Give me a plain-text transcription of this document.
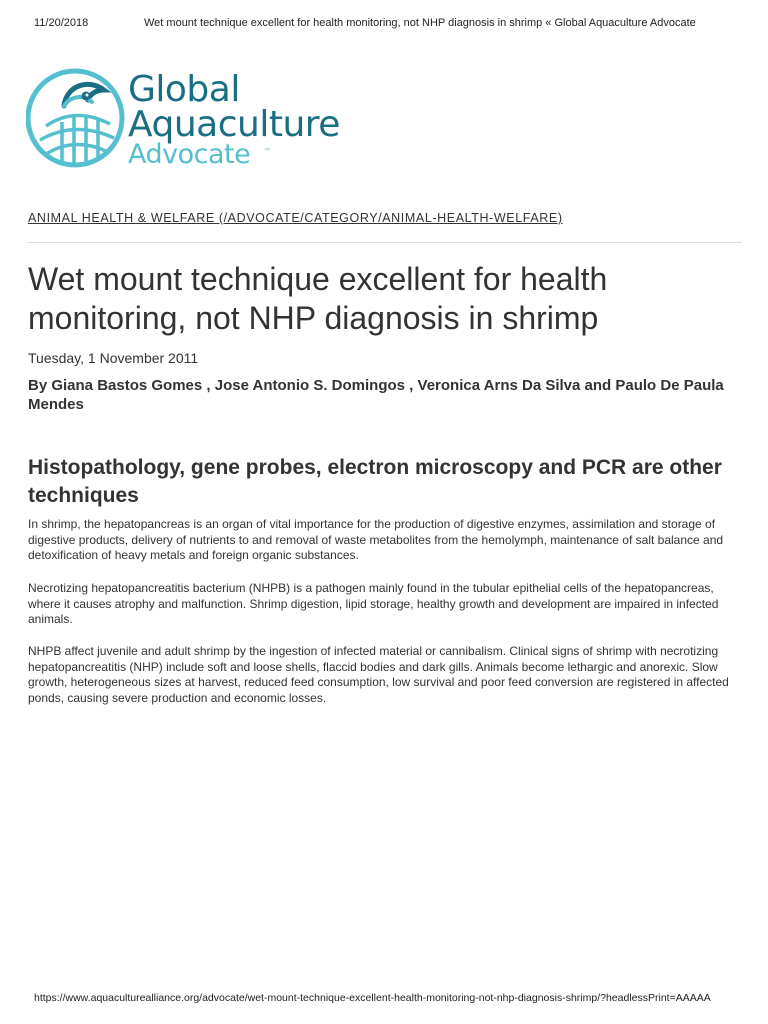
11/20/2018	Wet mount technique excellent for health monitoring, not NHP diagnosis in shrimp « Global Aquaculture Advocate
Global
Aquaculture
Advocate ™
ANIMAL HEALTH & WELFARE (/ADVOCATE/CATEGORY/ANIMAL-HEALTH-WELFARE)
Wet mount technique excellent for health monitoring, not NHP diagnosis in shrimp
Tuesday, 1 November 2011
By Giana Bastos Gomes , Jose Antonio S. Domingos , Veronica Arns Da Silva and Paulo De Paula Mendes
Histopathology, gene probes, electron microscopy and PCR are other techniques

In shrimp, the hepatopancreas is an organ of vital importance for the production of digestive enzymes, assimilation and storage of digestive products, delivery of nutrients to and removal of waste metabolites from the hemolymph, maintenance of salt balance and detoxification of heavy metals and foreign organic substances.

Necrotizing hepatopancreatitis bacterium (NHPB) is a pathogen mainly found in the tubular epithelial cells of the hepatopancreas, where it causes atrophy and malfunction. Shrimp digestion, lipid storage, healthy growth and development are impaired in infected animals.

NHPB affect juvenile and adult shrimp by the ingestion of infected material or cannibalism. Clinical signs of shrimp with necrotizing hepatopancreatitis (NHP) include soft and loose shells, flaccid bodies and dark gills. Animals become lethargic and anorexic. Slow growth, heterogeneous sizes at harvest, reduced feed consumption, low survival and poor feed conversion are registered in affected ponds, causing severe production and economic losses.

https://www.aquaculturealliance.org/advocate/wet-mount-technique-excellent-health-monitoring-not-nhp-diagnosis-shrimp/?headlessPrint=AAAAA
